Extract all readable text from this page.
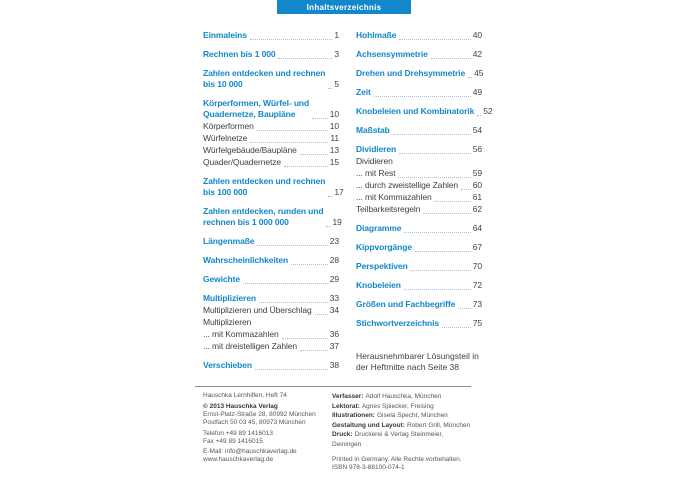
Inhaltsverzeichnis
Einmaleins	1
Rechnen bis 1 000	3
Zahlen entdecken und rechnen
bis 10 000	5
Körperformen, Würfel- und
Quadernetze, Baupläne	10
Körperformen	10
Würfelnetze	11
Würfelgebäude/Baupläne	13
Quader/Quadernetze	15
Zahlen entdecken und rechnen
bis 100 000	17
Zahlen entdecken, runden und
rechnen bis 1 000 000	19
Längenmaße	23
Wahrscheinlichkeiten	28
Gewichte	29
Multiplizieren	33
Multiplizieren und Überschlag 34
Multiplizieren
... mit Kommazahlen	36
... mit dreistelligen Zahlen	37
Verschieben	38
Hohlmaße	40
Achsensymmetrie	42
Drehen und Drehsymmetrie 45
Zeit	49
Knobeleien und Kombinatorik 52
Maßstab	54
Dividieren	56
Dividieren
... mit Rest	59
... durch zweistellige Zahlen 60
... mit Kommazahlen	61
Teilbarkeitsregeln	62
Diagramme	64
Kippvorgänge	67
Perspektiven	70
Knobeleien	72
Größen und Fachbegriffe 73
Stichwortverzeichnis	75
Herausnehmbarer Lösungsteil in
der Heftmitte nach Seite 38
Hauschka Lernhilfen, Heft 74
© 2013 Hauschka Verlag
Ernst-Platz-Straße 28, 80992 München
Postfach 50 03 45, 80973 München
Telefon +49 89 1416013
Fax +49 89 1416015
E-Mail: info@hauschkaverlag.de
www.hauschkaverlag.de
Verfasser: Adolf Hauschka, München
Lektorat: Agnes Spiecker, Freising
Illustrationen: Gisela Specht, München
Gestaltung und Layout: Robert Grill, München
Druck: Druckerei & Verlag Steinmeier, Deiningen
Printed in Germany. Alle Rechte vorbehalten.
ISBN 978-3-88100-074-1
